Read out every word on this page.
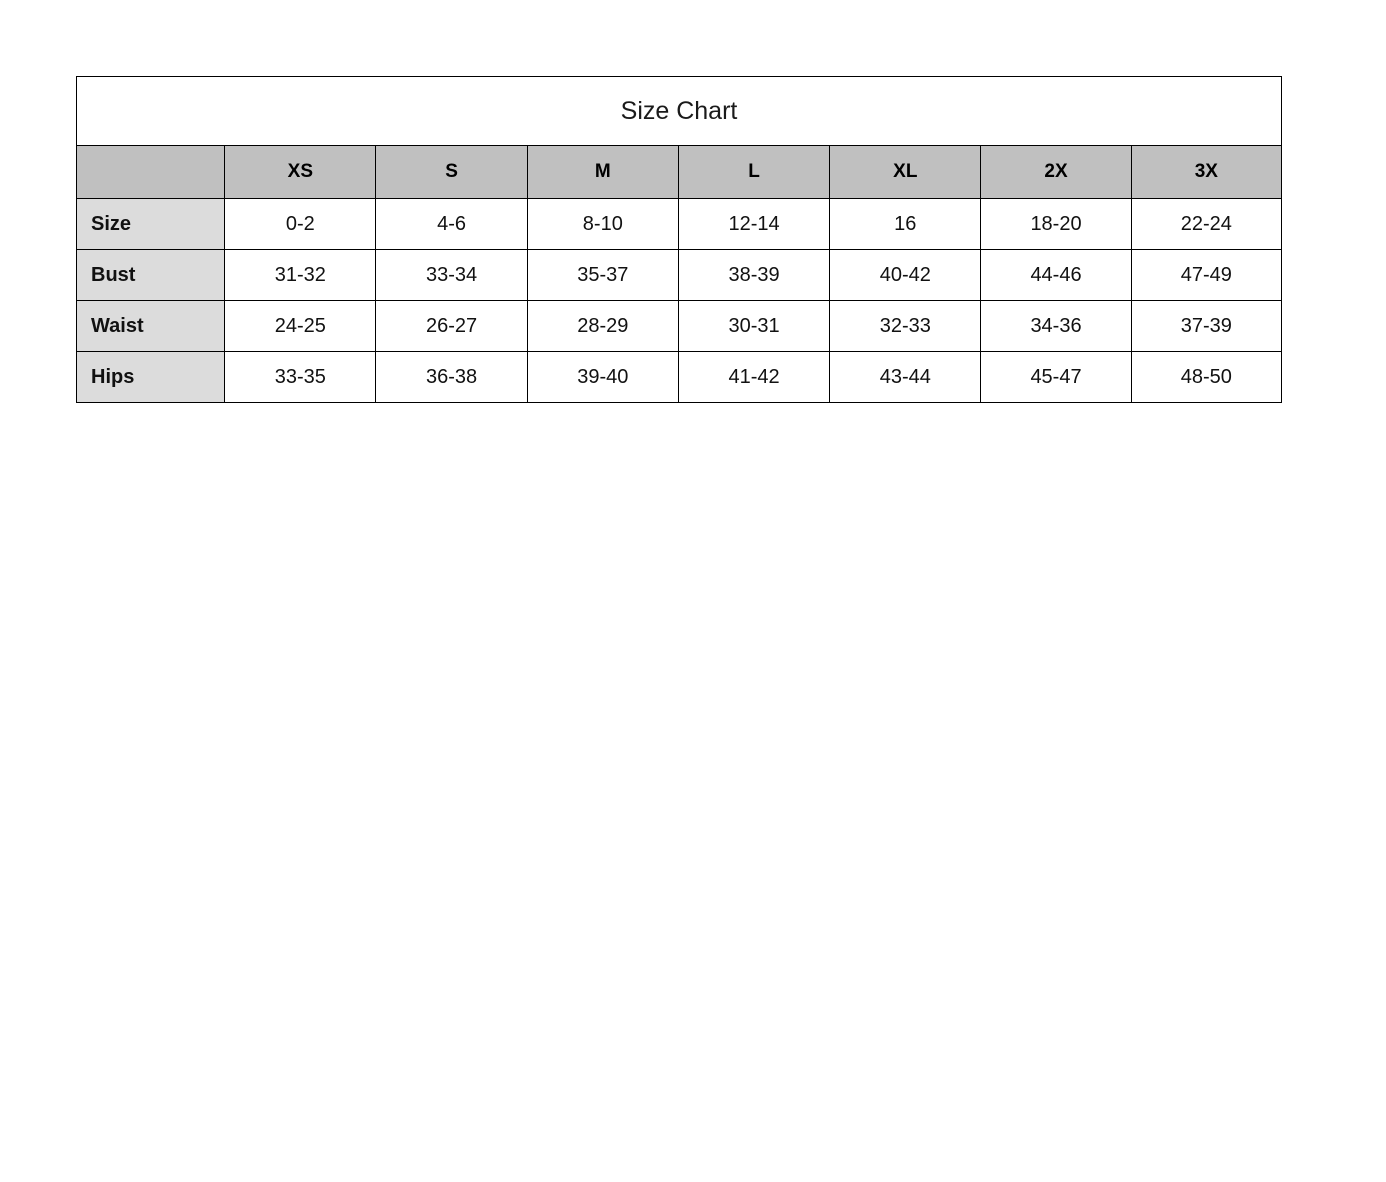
Size Chart							
	XS	S	M	L	XL	2X	3X
Size	0-2	4-6	8-10	12-14	16	18-20	22-24
Bust	31-32	33-34	35-37	38-39	40-42	44-46	47-49
Waist	24-25	26-27	28-29	30-31	32-33	34-36	37-39
Hips	33-35	36-38	39-40	41-42	43-44	45-47	48-50
